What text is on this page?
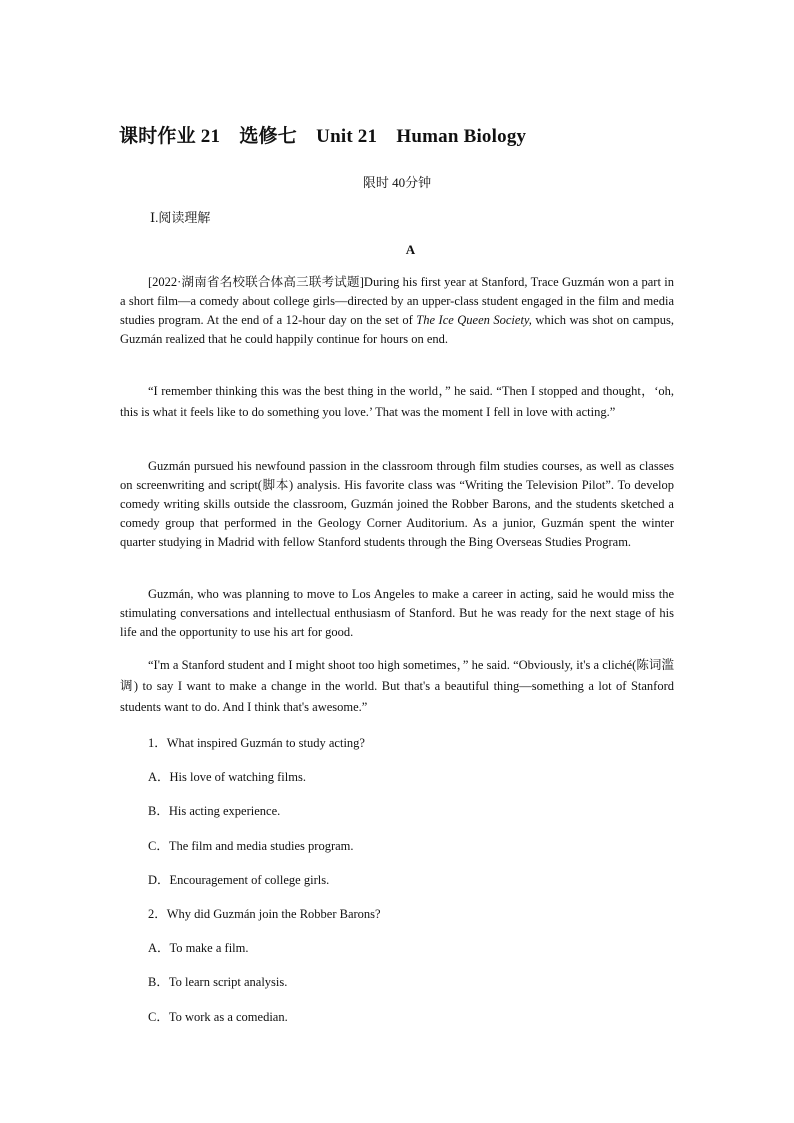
课时作业 21　选修七　Unit 21　Human Biology
限时 40分钟
Ⅰ.阅读理解
A

[2022·湖南省名校联合体高三联考试题]During his first year at Stanford, Trace Guzmán won a part in a short film—a comedy about college girls—directed by an upper-class student engaged in the film and media studies program. At the end of a 12-hour day on the set of The Ice Queen Society, which was shot on campus, Guzmán realized that he could happily continue for hours on end.

“I remember thinking this was the best thing in the world，” he said. “Then I stopped and thought，‘oh, this is what it feels like to do something you love.’ That was the moment I fell in love with acting.”

Guzmán pursued his newfound passion in the classroom through film studies courses, as well as classes on screenwriting and script(脚本) analysis. His favorite class was “Writing the Television Pilot”. To develop comedy writing skills outside the classroom, Guzmán joined the Robber Barons, and the students sketched a comedy group that performed in the Geology Corner Auditorium. As a junior, Guzmán spent the winter quarter studying in Madrid with fellow Stanford students through the Bing Overseas Studies Program.

Guzmán, who was planning to move to Los Angeles to make a career in acting, said he would miss the stimulating conversations and intellectual enthusiasm of Stanford. But he was ready for the next stage of his life and the opportunity to use his art for good.

“I'm a Stanford student and I might shoot too high sometimes，” he said. “Obviously, it's a cliché(陈词滥调) to say I want to make a change in the world. But that's a beautiful thing—something a lot of Stanford students want to do. And I think that's awesome.”

1．What inspired Guzmán to study acting?
A．His love of watching films.
B．His acting experience.
C．The film and media studies program.
D．Encouragement of college girls.
2．Why did Guzmán join the Robber Barons?
A．To make a film.
B．To learn script analysis.
C．To work as a comedian.
